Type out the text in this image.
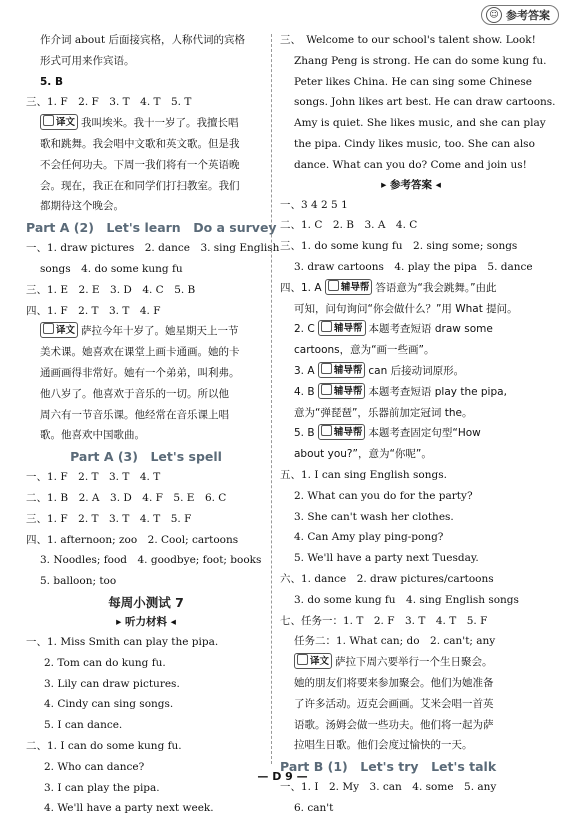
☺ 参考答案
作介词 about 后面接宾格，人称代词的宾格
形式可用来作宾语。
5. B
三、1. F　2. F　3. T　4. T　5. T
译文 我叫埃米。我十一岁了。我擅长唱
歌和跳舞。我会唱中文歌和英文歌。但是我
不会任何功夫。下周一我们将有一个英语晚
会。现在，我正在和同学们打扫教室。我们
都期待这个晚会。
Part A (2)　Let's learn　Do a survey
一、1. draw pictures　2. dance　3. sing English
songs　4. do some kung fu
三、1. E　2. E　3. D　4. C　5. B
四、1. F　2. T　3. T　4. F
译文 萨拉今年十岁了。她星期天上一节
美术课。她喜欢在课堂上画卡通画。她的卡
通画画得非常好。她有一个弟弟，叫利弗。
他八岁了。他喜欢于音乐的一切。所以他
周六有一节音乐课。他经常在音乐课上唱
歌。他喜欢中国歌曲。
Part A (3)　Let's spell
一、1. F　2. T　3. T　4. T
二、1. B　2. A　3. D　4. F　5. E　6. C
三、1. F　2. T　3. T　4. T　5. F
四、1. afternoon; zoo　2. Cool; cartoons
3. Noodles; food　4. goodbye; foot; books
5. balloon; too
每周小测试 7
▸ 听力材料 ◂
一、1. Miss Smith can play the pipa.
2. Tom can do kung fu.
3. Lily can draw pictures.
4. Cindy can sing songs.
5. I can dance.
二、1. I can do some kung fu.
2. Who can dance?
3. I can play the pipa.
4. We'll have a party next week.
三、　Welcome to our school's talent show. Look!
Zhang Peng is strong. He can do some kung fu.
Peter likes China. He can sing some Chinese
songs. John likes art best. He can draw cartoons.
Amy is quiet. She likes music, and she can play
the pipa. Cindy likes music, too. She can also
dance. What can you do? Come and join us!
▸ 参考答案 ◂
一、3 4 2 5 1
二、1. C　2. B　3. A　4. C
三、1. do some kung fu　2. sing some; songs
3. draw cartoons　4. play the pipa　5. dance
四、1. A 辅导帮 答语意为“我会跳舞。”由此
可知，问句询问“你会做什么？”用 What 提问。
2. C 辅导帮 本题考查短语 draw some
cartoons，意为“画一些画”。
3. A 辅导帮 can 后接动词原形。
4. B 辅导帮 本题考查短语 play the pipa,
意为“弹琵琶”，乐器前加定冠词 the。
5. B 辅导帮 本题考查固定句型“How
about you?”，意为“你呢”。
五、1. I can sing English songs.
2. What can you do for the party?
3. She can't wash her clothes.
4. Can Amy play ping-pong?
5. We'll have a party next Tuesday.
六、1. dance　2. draw pictures/cartoons
3. do some kung fu　4. sing English songs
七、任务一：1. T　2. F　3. T　4. T　5. F
任务二：1. What can; do　2. can't; any
译文 萨拉下周六要举行一个生日聚会。
她的朋友们将要来参加聚会。他们为她准备
了许多活动。迈克会画画。艾米会唱一首英
语歌。汤姆会做一些功夫。他们将一起为萨
拉唱生日歌。他们会度过愉快的一天。
Part B (1)　Let's try　Let's talk
一、1. I　2. My　3. can　4. some　5. any
6. can't
— D 9 —
